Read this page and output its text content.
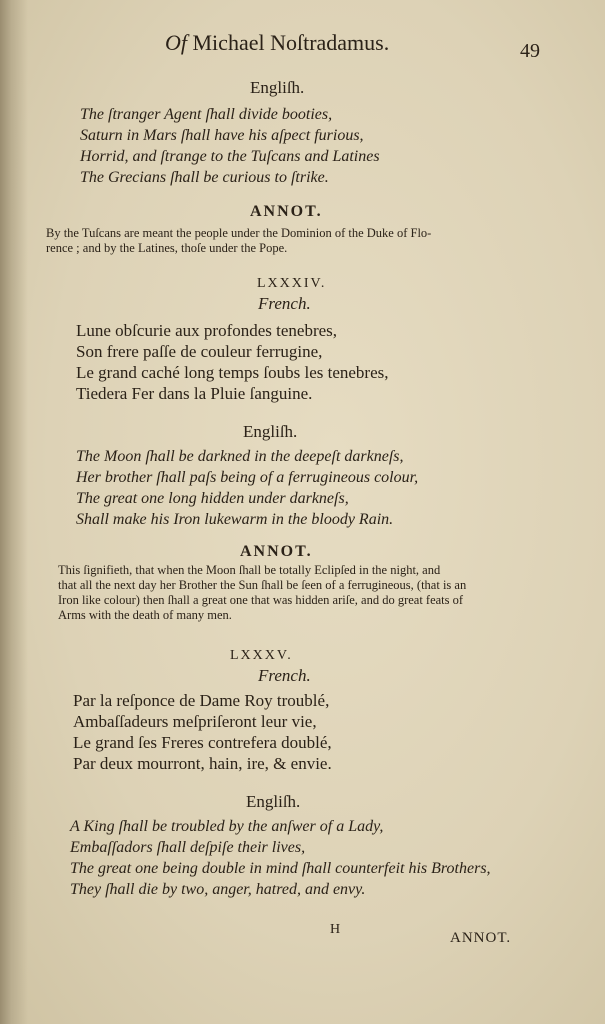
Of Michael Noſtradamus.	49
Engliſh.
The ſtranger Agent ſhall divide booties,
Saturn in Mars ſhall have his aſpect furious,
Horrid, and ſtrange to the Tuſcans and Latines
The Grecians ſhall be curious to ſtrike.
ANNOT.
By the Tuſcans are meant the people under the Dominion of the Duke of Flo-
rence ; and by the Latines, thoſe under the Pope.
LXXXIV.
French.
Lune obſcurie aux profondes tenebres,
Son frere paſſe de couleur ferrugine,
Le grand caché long temps ſoubs les tenebres,
Tiedera Fer dans la Pluie ſanguine.
Engliſh.
The Moon ſhall be darkned in the deepeſt darkneſs,
Her brother ſhall paſs being of a ferrugineous colour,
The great one long hidden under darkneſs,
Shall make his Iron lukewarm in the bloody Rain.
ANNOT.
This ſignifieth, that when the Moon ſhall be totally Eclipſed in the night, and
that all the next day her Brother the Sun ſhall be ſeen of a ferrugineous, (that is an
Iron like colour) then ſhall a great one that was hidden ariſe, and do great feats of
Arms with the death of many men.
LXXXV.
French.
Par la reſponce de Dame Roy troublé,
Ambaſſadeurs meſpriſeront leur vie,
Le grand ſes Freres contrefera doublé,
Par deux mourront, hain, ire, & envie.
Engliſh.
A King ſhall be troubled by the anſwer of a Lady,
Embaſſadors ſhall deſpiſe their lives,
The great one being double in mind ſhall counterfeit his Brothers,
They ſhall die by two, anger, hatred, and envy.
H
ANNOT.
